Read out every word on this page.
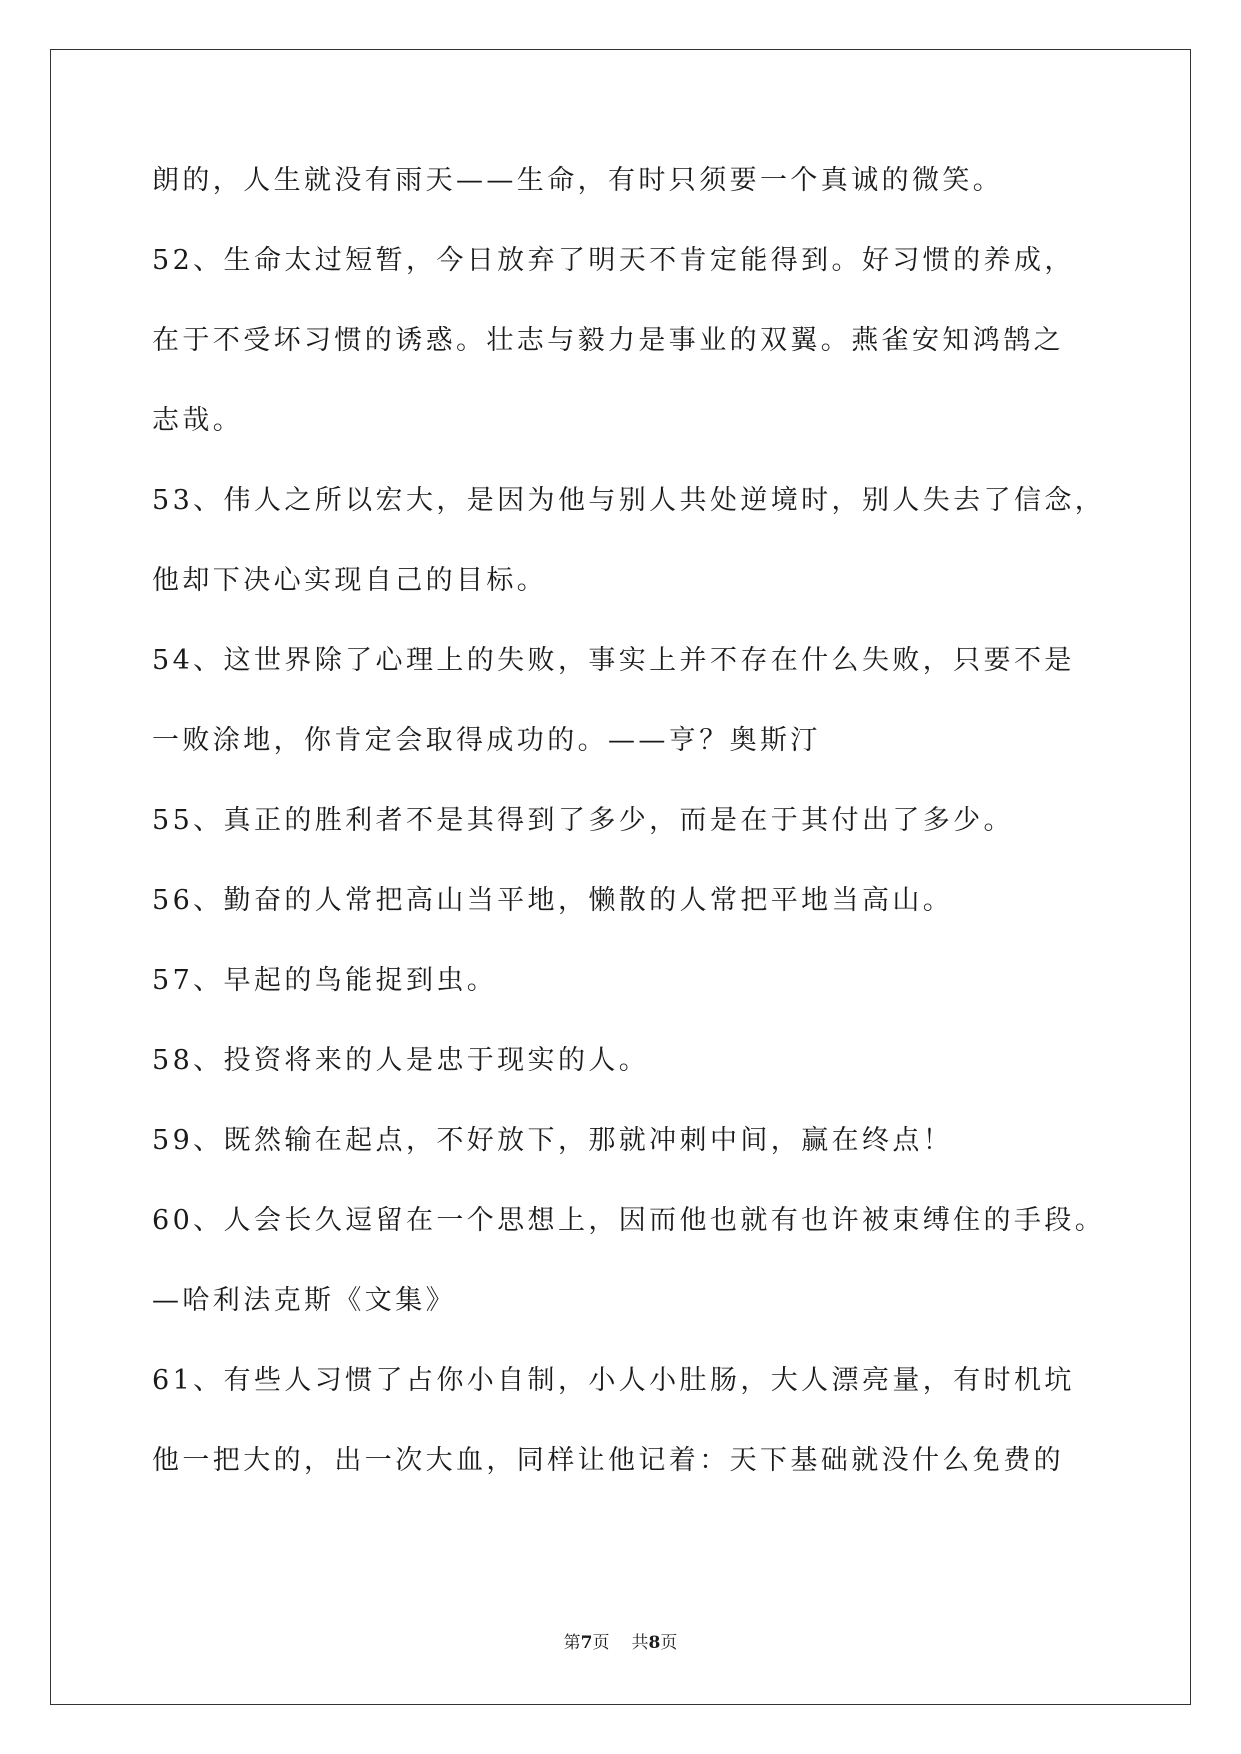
朗的，人生就没有雨天——生命，有时只须要一个真诚的微笑。
52、生命太过短暂，今日放弃了明天不肯定能得到。好习惯的养成，
在于不受坏习惯的诱惑。壮志与毅力是事业的双翼。燕雀安知鸿鹄之
志哉。
53、伟人之所以宏大，是因为他与别人共处逆境时，别人失去了信念，
他却下决心实现自己的目标。
54、这世界除了心理上的失败，事实上并不存在什么失败，只要不是
一败涂地，你肯定会取得成功的。——亨？奥斯汀
55、真正的胜利者不是其得到了多少，而是在于其付出了多少。
56、勤奋的人常把高山当平地，懒散的人常把平地当高山。
57、早起的鸟能捉到虫。
58、投资将来的人是忠于现实的人。
59、既然输在起点，不好放下，那就冲刺中间，赢在终点！
60、人会长久逗留在一个思想上，因而他也就有也许被束缚住的手段。
—哈利法克斯《文集》
61、有些人习惯了占你小自制，小人小肚肠，大人漂亮量，有时机坑
他一把大的，出一次大血，同样让他记着：天下基础就没什么免费的
第7页 共8页
